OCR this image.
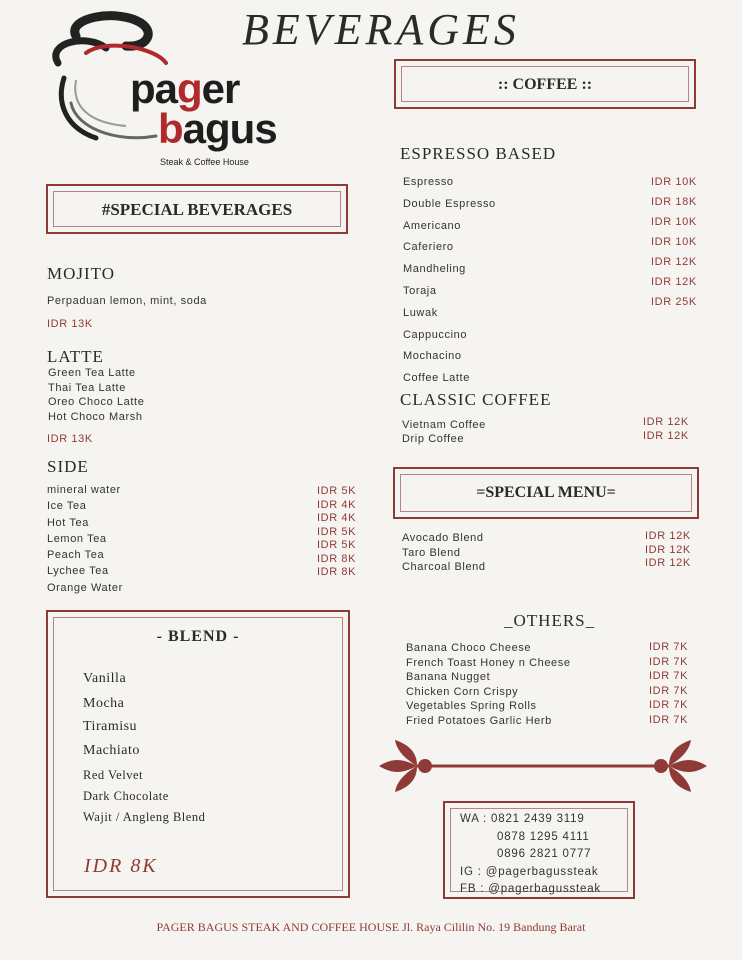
BEVERAGES
pager
bagus
Steak & Coffee House
#SPECIAL BEVERAGES
MOJITO
Perpaduan lemon, mint, soda
IDR 13K
LATTE
Green Tea Latte
Thai Tea Latte
Oreo Choco Latte
Hot Choco Marsh
IDR 13K
SIDE
mineral water
Ice Tea
Hot Tea
Lemon Tea
Peach Tea
Lychee Tea
Orange Water
IDR 5K
IDR 4K
IDR 4K
IDR 5K
IDR 5K
IDR 8K
IDR 8K
- BLEND -
Vanilla
Mocha
Tiramisu
Machiato
Red Velvet
Dark Chocolate
Wajit / Angleng Blend
IDR 8K
:: COFFEE ::
ESPRESSO BASED
Espresso
Double Espresso
Americano
Caferiero
Mandheling
Toraja
Luwak
Cappuccino
Mochacino
Coffee Latte
IDR 10K
IDR 18K
IDR 10K
IDR 10K
IDR 12K
IDR 12K
IDR 25K
CLASSIC COFFEE
Vietnam Coffee
Drip Coffee
IDR 12K
IDR 12K
=SPECIAL MENU=
Avocado Blend
Taro Blend
Charcoal Blend
IDR 12K
IDR 12K
IDR 12K
_OTHERS_
Banana Choco Cheese
French Toast Honey n Cheese
Banana Nugget
Chicken Corn Crispy
Vegetables Spring Rolls
Fried Potatoes Garlic Herb
IDR 7K
IDR 7K
IDR 7K
IDR 7K
IDR 7K
IDR 7K
WA : 0821 2439 3119
0878 1295 4111
0896 2821 0777
IG : @pagerbagussteak
FB : @pagerbagussteak
PAGER BAGUS STEAK AND COFFEE HOUSE Jl. Raya Cililin No. 19 Bandung Barat
